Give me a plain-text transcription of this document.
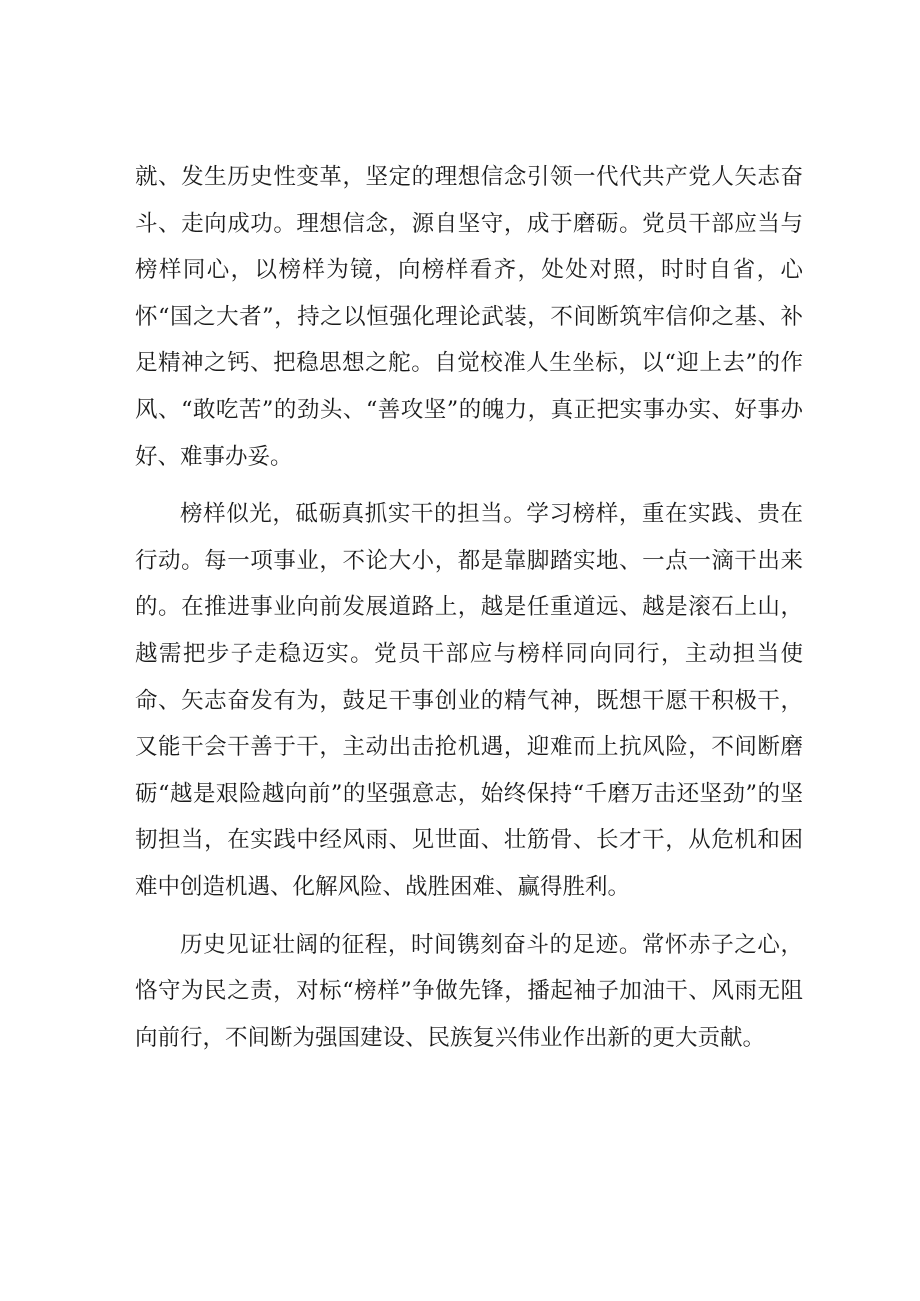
就、发生历史性变革，坚定的理想信念引领一代代共产党人矢志奋斗、走向成功。理想信念，源自坚守，成于磨砺。党员干部应当与榜样同心，以榜样为镜，向榜样看齐，处处对照，时时自省，心怀“国之大者”，持之以恒强化理论武装，不间断筑牢信仰之基、补足精神之钙、把稳思想之舵。自觉校准人生坐标，以“迎上去”的作风、“敢吃苦”的劲头、“善攻坚”的魄力，真正把实事办实、好事办好、难事办妥。

榜样似光，砥砺真抓实干的担当。学习榜样，重在实践、贵在行动。每一项事业，不论大小，都是靠脚踏实地、一点一滴干出来的。在推进事业向前发展道路上，越是任重道远、越是滚石上山，越需把步子走稳迈实。党员干部应与榜样同向同行，主动担当使命、矢志奋发有为，鼓足干事创业的精气神，既想干愿干积极干，又能干会干善于干，主动出击抢机遇，迎难而上抗风险，不间断磨砺“越是艰险越向前”的坚强意志，始终保持“千磨万击还坚劲”的坚韧担当，在实践中经风雨、见世面、壮筋骨、长才干，从危机和困难中创造机遇、化解风险、战胜困难、赢得胜利。

历史见证壮阔的征程，时间镌刻奋斗的足迹。常怀赤子之心，恪守为民之责，对标“榜样”争做先锋，播起袖子加油干、风雨无阻向前行，不间断为强国建设、民族复兴伟业作出新的更大贡献。
